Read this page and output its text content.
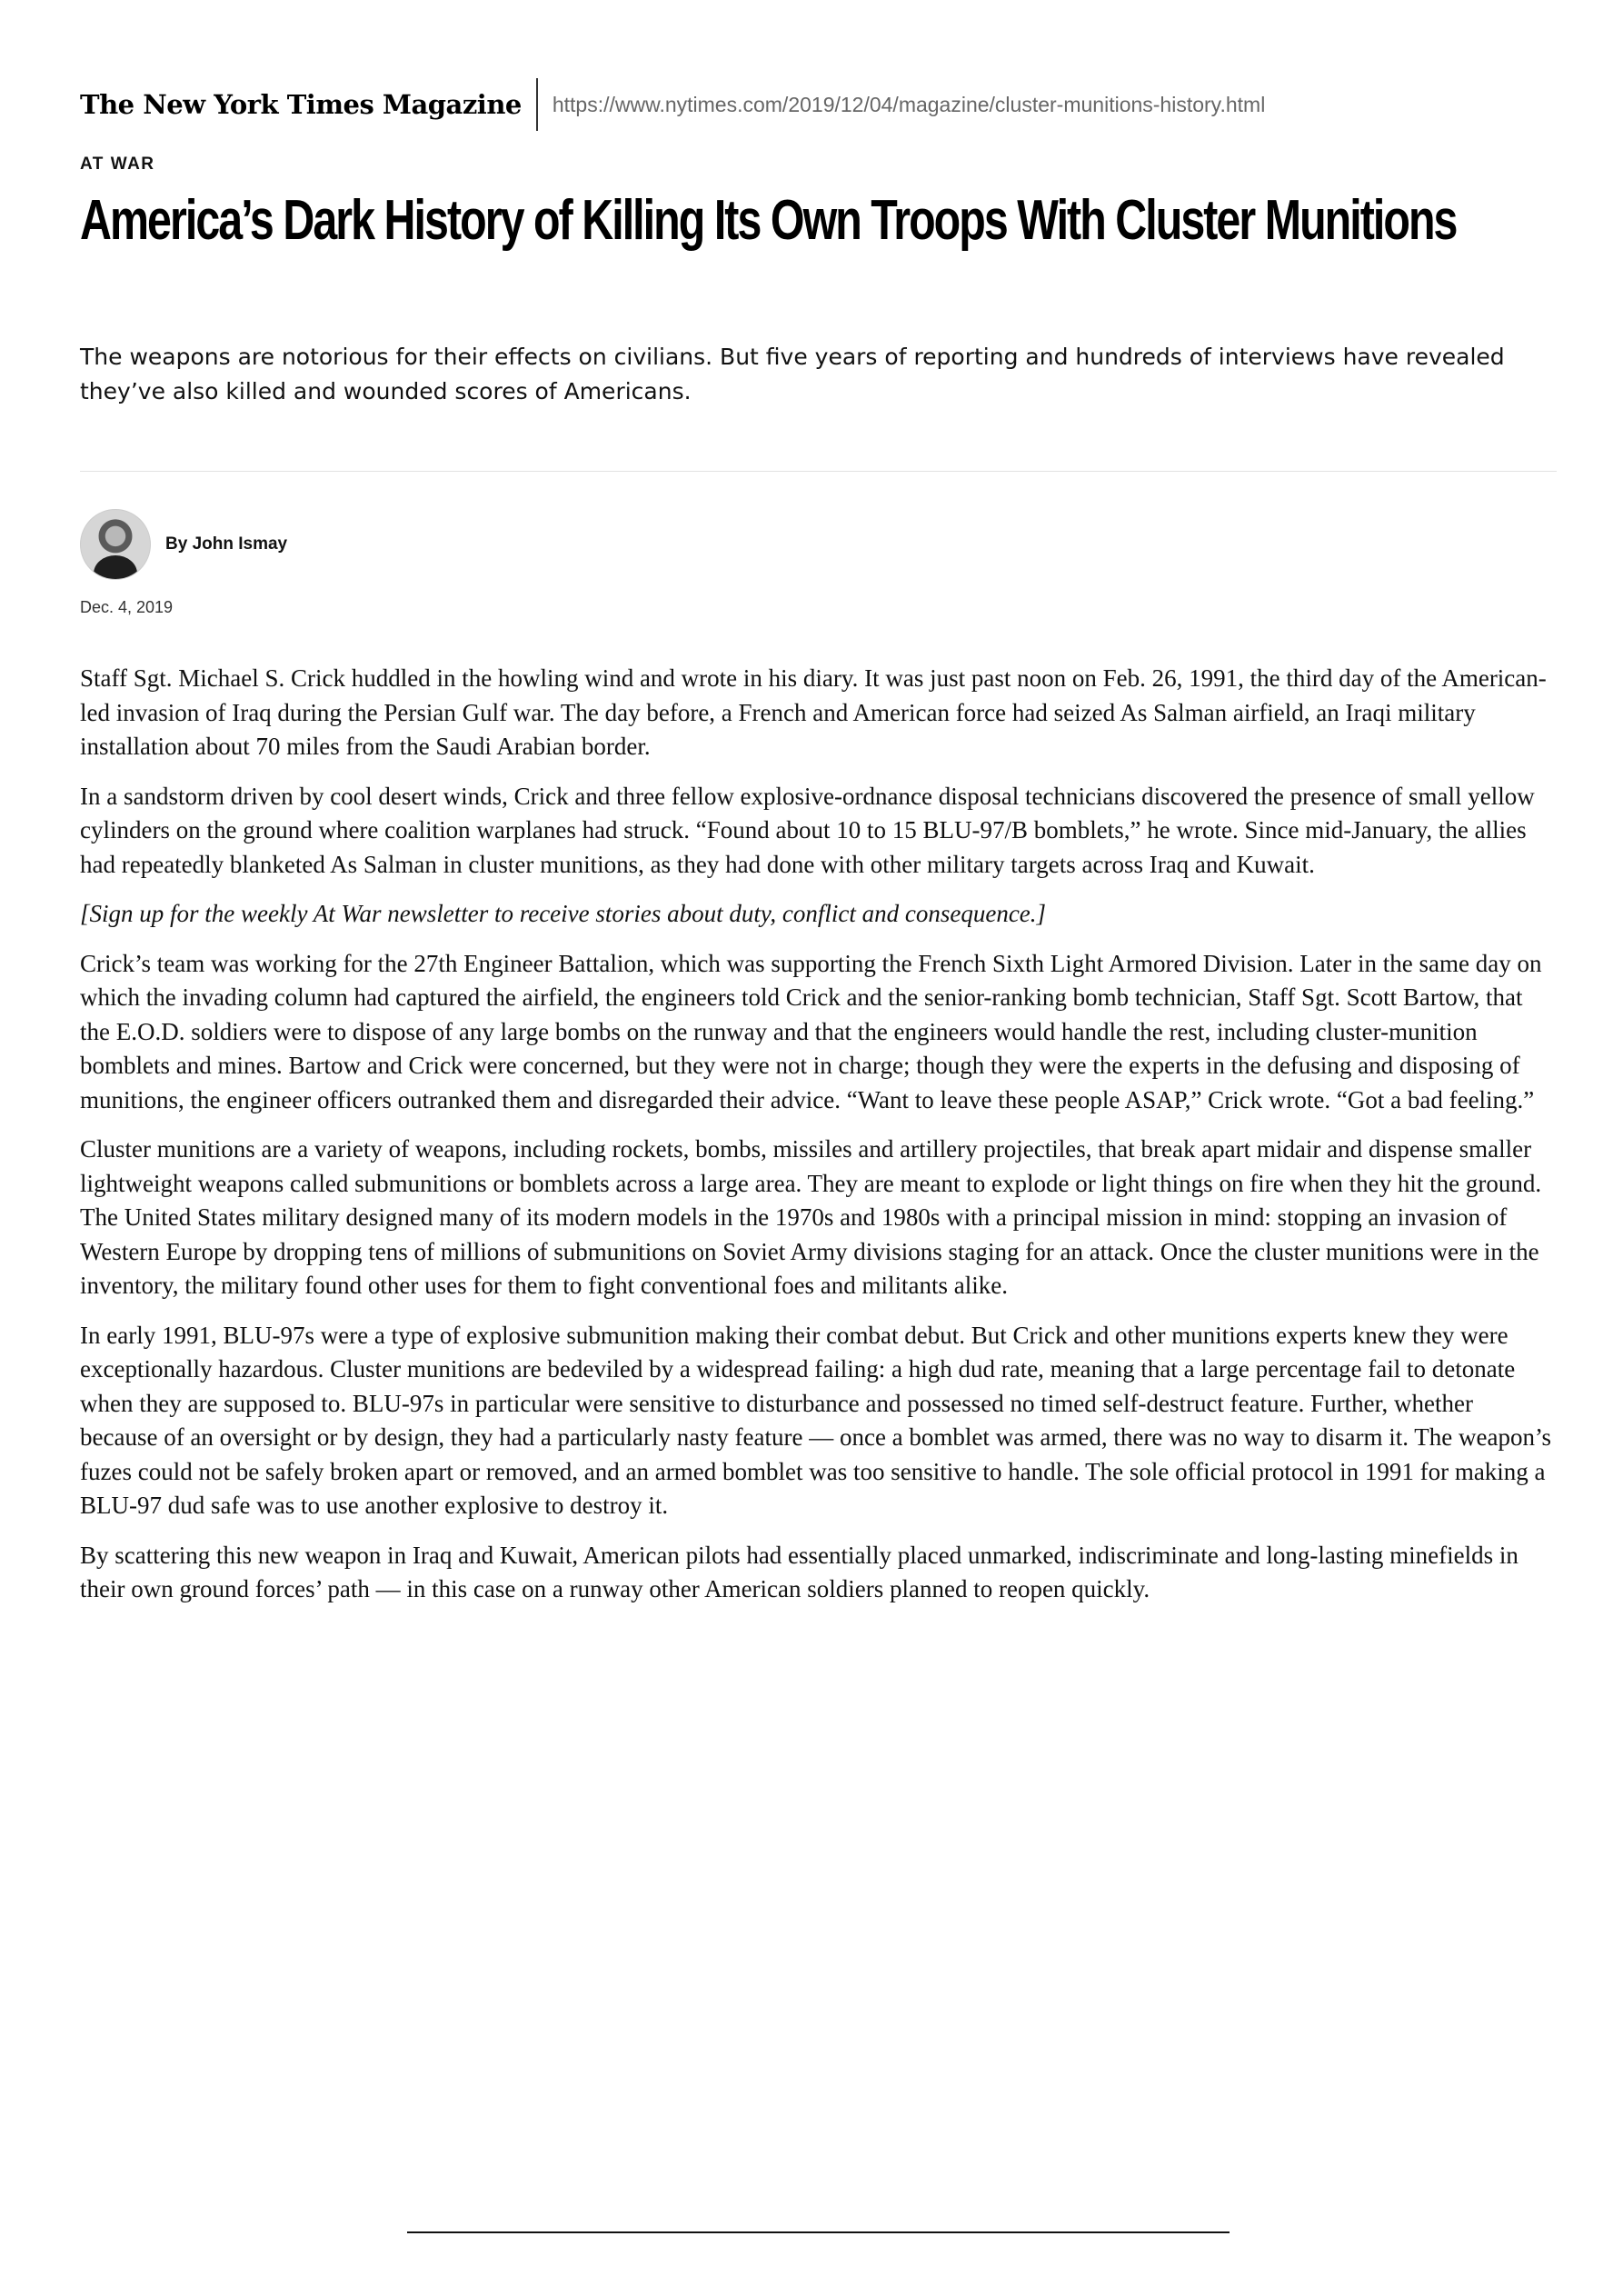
The New York Times Magazine	https://www.nytimes.com/2019/12/04/magazine/cluster-munitions-history.html
AT WAR
America’s Dark History of Killing Its Own Troops With Cluster Munitions

The weapons are notorious for their effects on civilians. But five years of reporting and hundreds of interviews have revealed they’ve also killed and wounded scores of Americans.

By John Ismay
Dec. 4, 2019

Staff Sgt. Michael S. Crick huddled in the howling wind and wrote in his diary. It was just past noon on Feb. 26, 1991, the third day of the American-led invasion of Iraq during the Persian Gulf war. The day before, a French and American force had seized As Salman airfield, an Iraqi military installation about 70 miles from the Saudi Arabian border.

In a sandstorm driven by cool desert winds, Crick and three fellow explosive-ordnance disposal technicians discovered the presence of small yellow cylinders on the ground where coalition warplanes had struck. “Found about 10 to 15 BLU-97/B bomblets,” he wrote. Since mid-January, the allies had repeatedly blanketed As Salman in cluster munitions, as they had done with other military targets across Iraq and Kuwait.

[Sign up for the weekly At War newsletter to receive stories about duty, conflict and consequence.]

Crick’s team was working for the 27th Engineer Battalion, which was supporting the French Sixth Light Armored Division. Later in the same day on which the invading column had captured the airfield, the engineers told Crick and the senior-ranking bomb technician, Staff Sgt. Scott Bartow, that the E.O.D. soldiers were to dispose of any large bombs on the runway and that the engineers would handle the rest, including cluster-munition bomblets and mines. Bartow and Crick were concerned, but they were not in charge; though they were the experts in the defusing and disposing of munitions, the engineer officers outranked them and disregarded their advice. “Want to leave these people ASAP,” Crick wrote. “Got a bad feeling.”

Cluster munitions are a variety of weapons, including rockets, bombs, missiles and artillery projectiles, that break apart midair and dispense smaller lightweight weapons called submunitions or bomblets across a large area. They are meant to explode or light things on fire when they hit the ground. The United States military designed many of its modern models in the 1970s and 1980s with a principal mission in mind: stopping an invasion of Western Europe by dropping tens of millions of submunitions on Soviet Army divisions staging for an attack. Once the cluster munitions were in the inventory, the military found other uses for them to fight conventional foes and militants alike.

In early 1991, BLU-97s were a type of explosive submunition making their combat debut. But Crick and other munitions experts knew they were exceptionally hazardous. Cluster munitions are bedeviled by a widespread failing: a high dud rate, meaning that a large percentage fail to detonate when they are supposed to. BLU-97s in particular were sensitive to disturbance and possessed no timed self-destruct feature. Further, whether because of an oversight or by design, they had a particularly nasty feature — once a bomblet was armed, there was no way to disarm it. The weapon’s fuzes could not be safely broken apart or removed, and an armed bomblet was too sensitive to handle. The sole official protocol in 1991 for making a BLU-97 dud safe was to use another explosive to destroy it.

By scattering this new weapon in Iraq and Kuwait, American pilots had essentially placed unmarked, indiscriminate and long-lasting minefields in their own ground forces’ path — in this case on a runway other American soldiers planned to reopen quickly.
